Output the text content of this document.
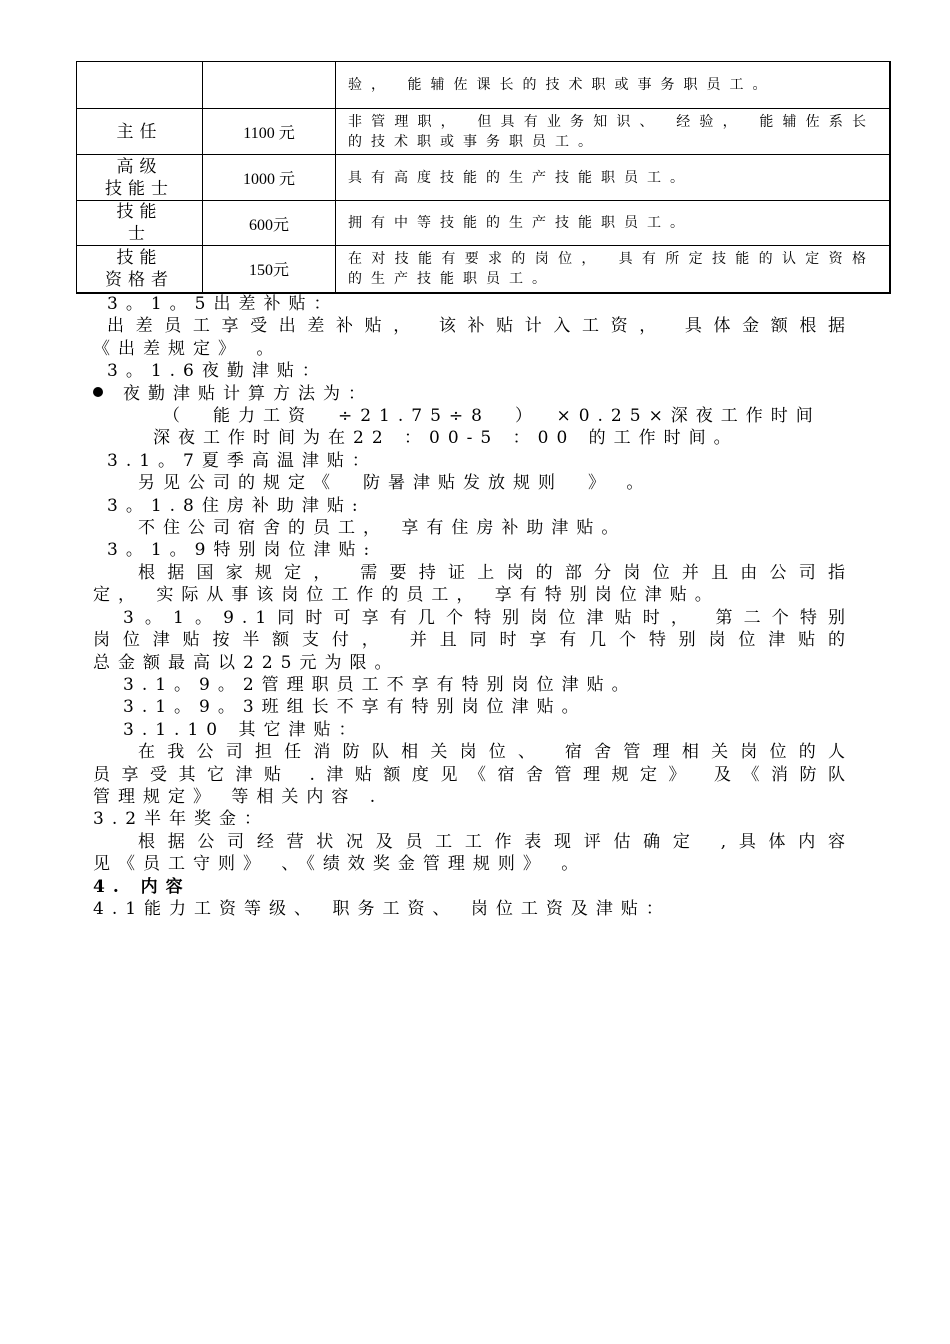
		验， 能辅佐课长的技术职或事务职员工。
主任	1100 元	非管理职， 但具有业务知识、 经验， 能辅佐系长的技术职或事务职员工。

高级
技能士	1000 元	具有高度技能的生产技能职员工。

技能
士	600元	拥有中等技能的生产技能职员工。

技能
资格者	150元	在对技能有要求的岗位， 具有所定技能的认定资格的生产技能职员工。
3。1。5出差补贴：
出差员工享受出差补贴， 该补贴计入工资， 具体金额根据
《出差规定》 。
3。1.6夜勤津贴：
夜勤津贴计算方法为：
（　能力工资　÷21.75÷8　）　×0.25×深夜工作时间
深夜工作时间为在22 ：00-5 ：00 的工作时间。
3.1。7夏季高温津贴：
另见公司的规定《　防暑津贴发放规则　》 。
3。1.8住房补助津贴:
不住公司宿舍的员工， 享有住房补助津贴。
3。1。9特别岗位津贴:
根据国家规定， 需要持证上岗的部分岗位并且由公司指
定， 实际从事该岗位工作的员工， 享有特别岗位津贴。
3。1。9.1同时可享有几个特别岗位津贴时， 第二个特别
岗位津贴按半额支付， 并且同时享有几个特别岗位津贴的
总金额最高以225元为限。
3.1。9。2管理职员工不享有特别岗位津贴。
3.1。9。3班组长不享有特别岗位津贴。
3.1.10 其它津贴：
在我公司担任消防队相关岗位、 宿舍管理相关岗位的人
员享受其它津贴 .津贴额度见《宿舍管理规定》 及《消防队
管理规定》 等相关内容 .
3.2半年奖金：
根据公司经营状况及员工工作表现评估确定 ,具体内容
见《员工守则》 、《绩效奖金管理规则》 。
4. 内容
4.1能力工资等级、 职务工资、 岗位工资及津贴：
